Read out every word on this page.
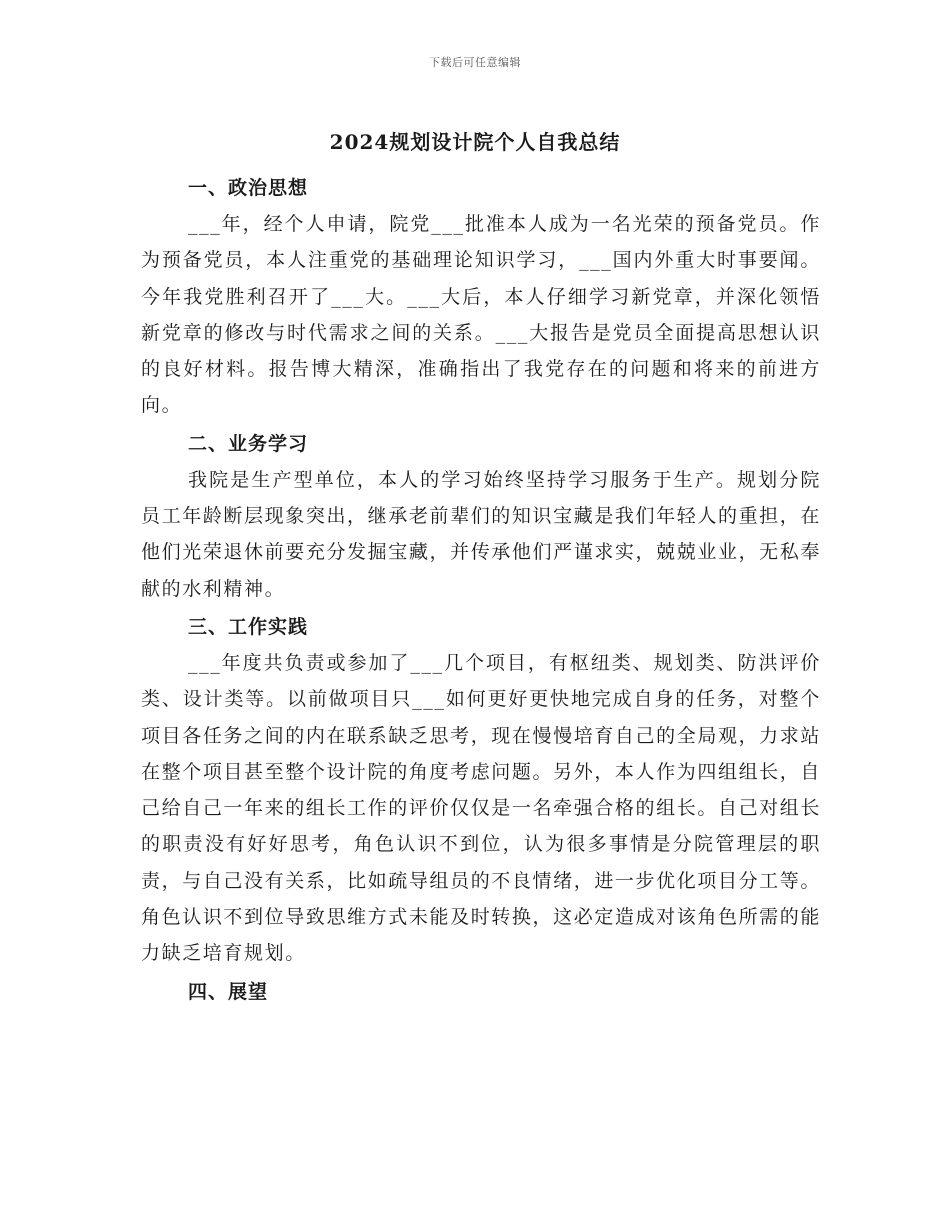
下载后可任意编辑
2024规划设计院个人自我总结

一、政治思想

___年，经个人申请，院党___批准本人成为一名光荣的预备党员。作为预备党员，本人注重党的基础理论知识学习，___国内外重大时事要闻。今年我党胜利召开了___大。___大后，本人仔细学习新党章，并深化领悟新党章的修改与时代需求之间的关系。___大报告是党员全面提高思想认识的良好材料。报告博大精深，准确指出了我党存在的问题和将来的前进方向。

二、业务学习

我院是生产型单位，本人的学习始终坚持学习服务于生产。规划分院员工年龄断层现象突出，继承老前辈们的知识宝藏是我们年轻人的重担，在他们光荣退休前要充分发掘宝藏，并传承他们严谨求实，兢兢业业，无私奉献的水利精神。

三、工作实践

___年度共负责或参加了___几个项目，有枢纽类、规划类、防洪评价类、设计类等。以前做项目只___如何更好更快地完成自身的任务，对整个项目各任务之间的内在联系缺乏思考，现在慢慢培育自己的全局观，力求站在整个项目甚至整个设计院的角度考虑问题。另外，本人作为四组组长，自己给自己一年来的组长工作的评价仅仅是一名牵强合格的组长。自己对组长的职责没有好好思考，角色认识不到位，认为很多事情是分院管理层的职责，与自己没有关系，比如疏导组员的不良情绪，进一步优化项目分工等。角色认识不到位导致思维方式未能及时转换，这必定造成对该角色所需的能力缺乏培育规划。

四、展望
